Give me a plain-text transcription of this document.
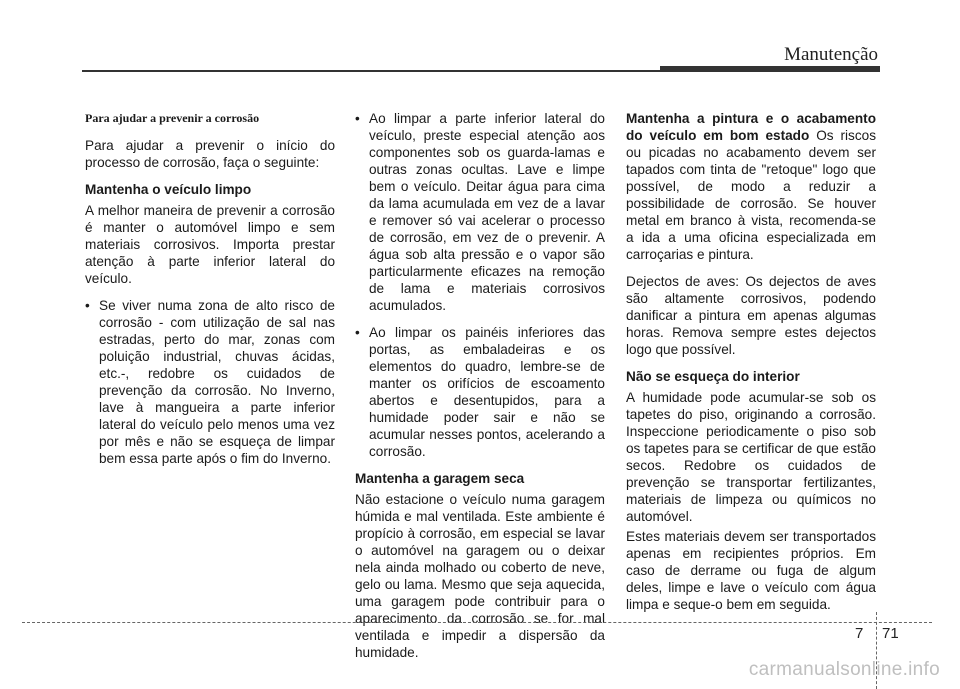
Manutenção

Para ajudar a prevenir a corrosão

Para ajudar a prevenir o início do processo de corrosão, faça o seguinte:

Mantenha o veículo limpo

A melhor maneira de prevenir a corrosão é manter o automóvel limpo e sem materiais corrosivos. Importa prestar atenção à parte inferior lateral do veículo.

• Se viver numa zona de alto risco de corrosão - com utilização de sal nas estradas, perto do mar, zonas com poluição industrial, chuvas ácidas, etc.-, redobre os cuidados de prevenção da corrosão. No Inverno, lave à mangueira a parte inferior lateral do veículo pelo menos uma vez por mês e não se esqueça de limpar bem essa parte após o fim do Inverno.

• Ao limpar a parte inferior lateral do veículo, preste especial atenção aos componentes sob os guarda-lamas e outras zonas ocultas. Lave e limpe bem o veículo. Deitar água para cima da lama acumulada em vez de a lavar e remover só vai acelerar o processo de corrosão, em vez de o prevenir. A água sob alta pressão e o vapor são particularmente eficazes na remoção de lama e materiais corrosivos acumulados.

• Ao limpar os painéis inferiores das portas, as embaladeiras e os elementos do quadro, lembre-se de manter os orifícios de escoamento abertos e desentupidos, para a humidade poder sair e não se acumular nesses pontos, acelerando a corrosão.

Mantenha a garagem seca

Não estacione o veículo numa garagem húmida e mal ventilada. Este ambiente é propício à corrosão, em especial se lavar o automóvel na garagem ou o deixar nela ainda molhado ou coberto de neve, gelo ou lama. Mesmo que seja aquecida, uma garagem pode contribuir para o aparecimento da corrosão se for mal ventilada e impedir a dispersão da humidade.

Mantenha a pintura e o acabamento do veículo em bom estado Os riscos ou picadas no acabamento devem ser tapados com tinta de "retoque" logo que possível, de modo a reduzir a possibilidade de corrosão. Se houver metal em branco à vista, recomenda-se a ida a uma oficina especializada em carroçarias e pintura.

Dejectos de aves: Os dejectos de aves são altamente corrosivos, podendo danificar a pintura em apenas algumas horas. Remova sempre estes dejectos logo que possível.

Não se esqueça do interior

A humidade pode acumular-se sob os tapetes do piso, originando a corrosão. Inspeccione periodicamente o piso sob os tapetes para se certificar de que estão secos. Redobre os cuidados de prevenção se transportar fertilizantes, materiais de limpeza ou químicos no automóvel.

Estes materiais devem ser transportados apenas em recipientes próprios. Em caso de derrame ou fuga de algum deles, limpe e lave o veículo com água limpa e seque-o bem em seguida.

7 71
carmanualsonline.info
